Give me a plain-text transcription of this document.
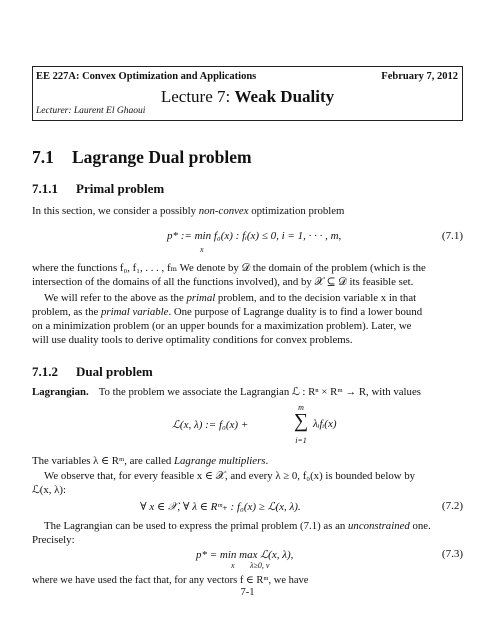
EE 227A: Convex Optimization and Applications	February 7, 2012
Lecture 7: Weak Duality
Lecturer: Laurent El Ghaoui
7.1 Lagrange Dual problem
7.1.1 Primal problem
In this section, we consider a possibly non-convex optimization problem
p* := min f₀(x) : fᵢ(x) ≤ 0, i = 1, · · · , m,
x
(7.1)
where the functions f₀, f₁, . . . , fₘ We denote by 𝒟 the domain of the problem (which is the
intersection of the domains of all the functions involved), and by 𝒳 ⊆ 𝒟 its feasible set.
We will refer to the above as the primal problem, and to the decision variable x in that
problem, as the primal variable. One purpose of Lagrange duality is to find a lower bound
on a minimization problem (or an upper bounds for a maximization problem). Later, we
will use duality tools to derive optimality conditions for convex problems.
7.1.2 Dual problem
Lagrangian. To the problem we associate the Lagrangian ℒ : Rⁿ × Rᵐ → R, with values
ℒ(x, λ) := f₀(x) +
m
∑
i=1
λᵢfᵢ(x)
The variables λ ∈ Rᵐ, are called Lagrange multipliers.
We observe that, for every feasible x ∈ 𝒳, and every λ ≥ 0, f₀(x) is bounded below by
ℒ(x, λ):
∀ x ∈ 𝒳, ∀ λ ∈ Rᵐ₊ : f₀(x) ≥ ℒ(x, λ).	(7.2)
The Lagrangian can be used to express the primal problem (7.1) as an unconstrained one.
Precisely:
p* = min max ℒ(x, λ),
x λ≥0, ν
(7.3)
7-1
where we have used the fact that, for any vectors f ∈ Rᵐ, we have
